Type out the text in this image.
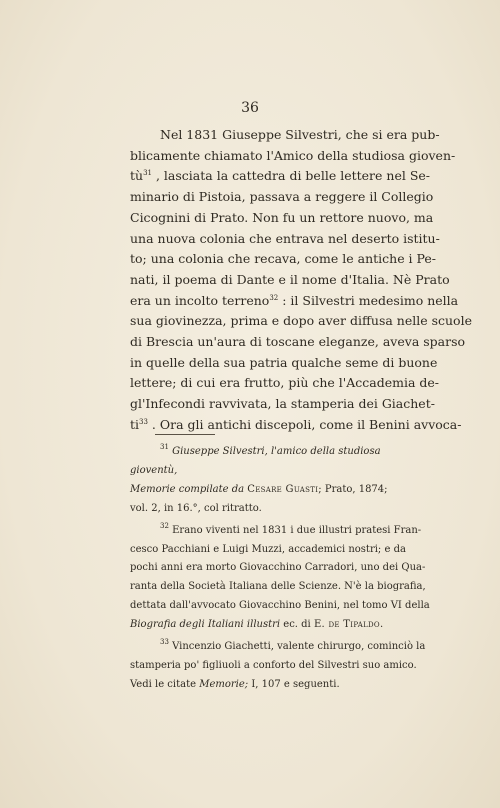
36
Nel 1831 Giuseppe Silvestri, che si era pub-
blicamente chiamato l'Amico della studiosa gioven-
$tù^{31}$ , lasciata la cattedra di belle lettere nel Se-
minario di Pistoia, passava a reggere il Collegio
Cicognini di Prato. Non fu un rettore nuovo, ma
una nuova colonia che entrava nel deserto istitu-
to; una colonia che recava, come le antiche i Pe-
nati, il poema di Dante e il nome d'Italia. Nè Prato
era un incolto terreno$^{32}$ : il Silvestri medesimo nella
sua giovinezza, prima e dopo aver diffusa nelle scuole
di Brescia un'aura di toscane eleganze, aveva sparso
in quelle della sua patria qualche seme di buone
lettere; di cui era frutto, più che l'Accademia de-
gl'Infecondi ravvivata, la stamperia dei Giachet-
$ti^{33}$ . Ora gli antichi discepoli, come il Benini avvoca-
$^{31}$ Giuseppe Silvestri, l'amico della studiosa gioventù,
Memorie compilate da Cesare Guasti; Prato, 1874;
vol. 2, in 16.°, col ritratto.
$^{32}$ Erano viventi nel 1831 i due illustri pratesi Fran-
cesco Pacchiani e Luigi Muzzi, accademici nostri; e da
pochi anni era morto Giovacchino Carradori, uno dei Qua-
ranta della Società Italiana delle Scienze. N'è la biografia,
dettata dall'avvocato Giovacchino Benini, nel tomo VI della
Biografia degli Italiani illustri ec. di E. de Tipaldo.
$^{33}$ Vincenzio Giachetti, valente chirurgo, cominciò la
stamperia po' figliuoli a conforto del Silvestri suo amico.
Vedi le citate Memorie; I, 107 e seguenti.
